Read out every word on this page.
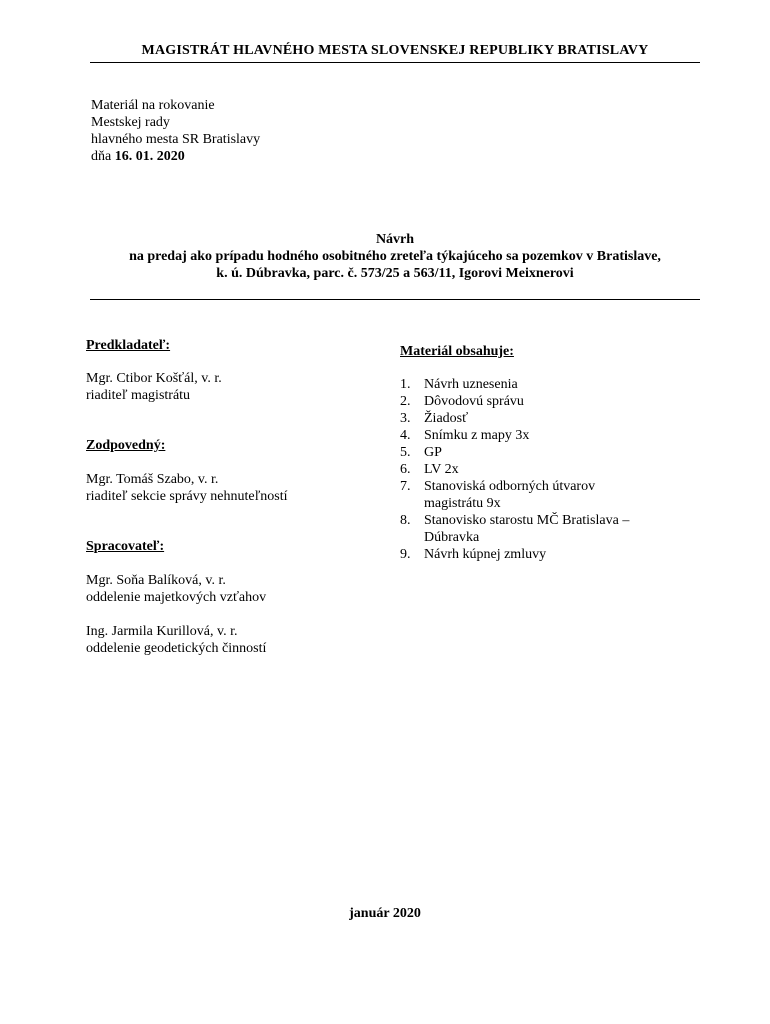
MAGISTRÁT HLAVNÉHO MESTA SLOVENSKEJ REPUBLIKY BRATISLAVY
Materiál na rokovanie
Mestskej rady
hlavného mesta SR Bratislavy
dňa 16. 01. 2020
Návrh
na predaj ako prípadu hodného osobitného zreteľa týkajúceho sa pozemkov v Bratislave,
k. ú. Dúbravka, parc. č. 573/25 a 563/11, Igorovi Meixnerovi
Predkladateľ:
Mgr. Ctibor Košťál, v. r.
riaditeľ magistrátu
Zodpovedný:
Mgr. Tomáš Szabo, v. r.
riaditeľ sekcie správy nehnuteľností
Spracovateľ:
Mgr. Soňa Balíková, v. r.
oddelenie majetkových vzťahov
Ing. Jarmila Kurillová, v. r.
oddelenie geodetických činností
Materiál obsahuje:
1. Návrh uznesenia
2. Dôvodovú správu
3. Žiadosť
4. Snímku z mapy 3x
5. GP
6. LV 2x
7. Stanoviská odborných útvarov
magistrátu 9x
8. Stanovisko starostu MČ Bratislava –
Dúbravka
9. Návrh kúpnej zmluvy
január 2020
